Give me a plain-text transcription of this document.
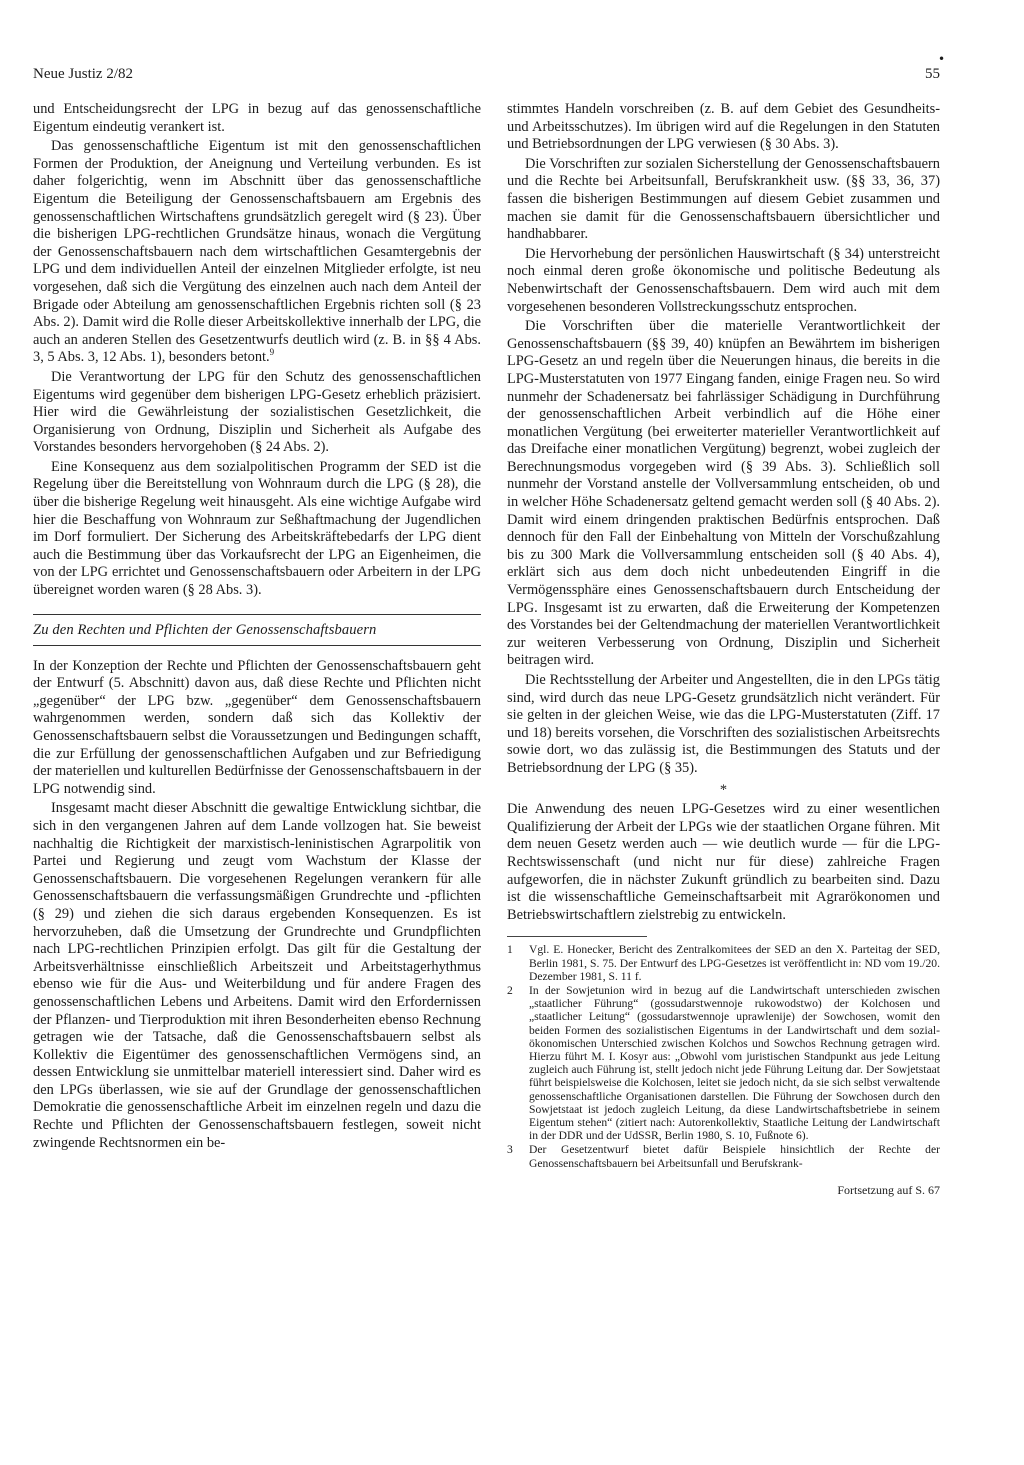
•
Neue Justiz 2/82	55

und Entscheidungsrecht der LPG in bezug auf das genossenschaftliche Eigentum eindeutig verankert ist.

Das genossenschaftliche Eigentum ist mit den genossenschaftlichen Formen der Produktion, der Aneignung und Verteilung verbunden. Es ist daher folgerichtig, wenn im Abschnitt über das genossenschaftliche Eigentum die Beteiligung der Genossenschaftsbauern am Ergebnis des genossenschaftlichen Wirtschaftens grundsätzlich geregelt wird (§ 23). Über die bisherigen LPG-rechtlichen Grundsätze hinaus, wonach die Vergütung der Genossenschaftsbauern nach dem wirtschaftlichen Gesamtergebnis der LPG und dem individuellen Anteil der einzelnen Mitglieder erfolgte, ist neu vorgesehen, daß sich die Vergütung des einzelnen auch nach dem Anteil der Brigade oder Abteilung am genossenschaftlichen Ergebnis richten soll (§ 23 Abs. 2). Damit wird die Rolle dieser Arbeitskollektive innerhalb der LPG, die auch an anderen Stellen des Gesetzentwurfs deutlich wird (z. B. in §§ 4 Abs. 3, 5 Abs. 3, 12 Abs. 1), besonders betont.$^9$

Die Verantwortung der LPG für den Schutz des genossenschaftlichen Eigentums wird gegenüber dem bisherigen LPG-Gesetz erheblich präzisiert. Hier wird die Gewährleistung der sozialistischen Gesetzlichkeit, die Organisierung von Ordnung, Disziplin und Sicherheit als Aufgabe des Vorstandes besonders hervorgehoben (§ 24 Abs. 2).

Eine Konsequenz aus dem sozialpolitischen Programm der SED ist die Regelung über die Bereitstellung von Wohnraum durch die LPG (§ 28), die über die bisherige Regelung weit hinausgeht. Als eine wichtige Aufgabe wird hier die Beschaffung von Wohnraum zur Seßhaftmachung der Jugendlichen im Dorf formuliert. Der Sicherung des Arbeitskräftebedarfs der LPG dient auch die Bestimmung über das Vorkaufsrecht der LPG an Eigenheimen, die von der LPG errichtet und Genossenschaftsbauern oder Arbeitern in der LPG übereignet worden waren (§ 28 Abs. 3).

Zu den Rechten und Pflichten der Genossenschaftsbauern

In der Konzeption der Rechte und Pflichten der Genossenschaftsbauern geht der Entwurf (5. Abschnitt) davon aus, daß diese Rechte und Pflichten nicht „gegenüber“ der LPG bzw. „gegenüber“ dem Genossenschaftsbauern wahrgenommen werden, sondern daß sich das Kollektiv der Genossenschaftsbauern selbst die Voraussetzungen und Bedingungen schafft, die zur Erfüllung der genossenschaftlichen Aufgaben und zur Befriedigung der materiellen und kulturellen Bedürfnisse der Genossenschaftsbauern in der LPG notwendig sind.

Insgesamt macht dieser Abschnitt die gewaltige Entwicklung sichtbar, die sich in den vergangenen Jahren auf dem Lande vollzogen hat. Sie beweist nachhaltig die Richtigkeit der marxistisch-leninistischen Agrarpolitik von Partei und Regierung und zeugt vom Wachstum der Klasse der Genossenschaftsbauern. Die vorgesehenen Regelungen verankern für alle Genossenschaftsbauern die verfassungsmäßigen Grundrechte und -pflichten (§ 29) und ziehen die sich daraus ergebenden Konsequenzen. Es ist hervorzuheben, daß die Umsetzung der Grundrechte und Grundpflichten nach LPG-rechtlichen Prinzipien erfolgt. Das gilt für die Gestaltung der Arbeitsverhältnisse einschließlich Arbeitszeit und Arbeitstagerhythmus ebenso wie für die Aus- und Weiterbildung und für andere Fragen des genossenschaftlichen Lebens und Arbeitens. Damit wird den Erfordernissen der Pflanzen- und Tierproduktion mit ihren Besonderheiten ebenso Rechnung getragen wie der Tatsache, daß die Genossenschaftsbauern selbst als Kollektiv die Eigentümer des genossenschaftlichen Vermögens sind, an dessen Entwicklung sie unmittelbar materiell interessiert sind. Daher wird es den LPGs überlassen, wie sie auf der Grundlage der genossenschaftlichen Demokratie die genossenschaftliche Arbeit im einzelnen regeln und dazu die Rechte und Pflichten der Genossenschaftsbauern festlegen, soweit nicht zwingende Rechtsnormen ein be-

stimmtes Handeln vorschreiben (z. B. auf dem Gebiet des Gesundheits- und Arbeitsschutzes). Im übrigen wird auf die Regelungen in den Statuten und Betriebsordnungen der LPG verwiesen (§ 30 Abs. 3).

Die Vorschriften zur sozialen Sicherstellung der Genossenschaftsbauern und die Rechte bei Arbeitsunfall, Berufskrankheit usw. (§§ 33, 36, 37) fassen die bisherigen Bestimmungen auf diesem Gebiet zusammen und machen sie damit für die Genossenschaftsbauern übersichtlicher und handhabbarer.

Die Hervorhebung der persönlichen Hauswirtschaft (§ 34) unterstreicht noch einmal deren große ökonomische und politische Bedeutung als Nebenwirtschaft der Genossenschaftsbauern. Dem wird auch mit dem vorgesehenen besonderen Vollstreckungsschutz entsprochen.

Die Vorschriften über die materielle Verantwortlichkeit der Genossenschaftsbauern (§§ 39, 40) knüpfen an Bewährtem im bisherigen LPG-Gesetz an und regeln über die Neuerungen hinaus, die bereits in die LPG-Musterstatuten von 1977 Eingang fanden, einige Fragen neu. So wird nunmehr der Schadenersatz bei fahrlässiger Schädigung in Durchführung der genossenschaftlichen Arbeit verbindlich auf die Höhe einer monatlichen Vergütung (bei erweiterter materieller Verantwortlichkeit auf das Dreifache einer monatlichen Vergütung) begrenzt, wobei zugleich der Berechnungsmodus vorgegeben wird (§ 39 Abs. 3). Schließlich soll nunmehr der Vorstand anstelle der Vollversammlung entscheiden, ob und in welcher Höhe Schadenersatz geltend gemacht werden soll (§ 40 Abs. 2). Damit wird einem dringenden praktischen Bedürfnis entsprochen. Daß dennoch für den Fall der Einbehaltung von Mitteln der Vorschußzahlung bis zu 300 Mark die Vollversammlung entscheiden soll (§ 40 Abs. 4), erklärt sich aus dem doch nicht unbedeutenden Eingriff in die Vermögenssphäre eines Genossenschaftsbauern durch Entscheidung der LPG. Insgesamt ist zu erwarten, daß die Erweiterung der Kompetenzen des Vorstandes bei der Geltendmachung der materiellen Verantwortlichkeit zur weiteren Verbesserung von Ordnung, Disziplin und Sicherheit beitragen wird.

Die Rechtsstellung der Arbeiter und Angestellten, die in den LPGs tätig sind, wird durch das neue LPG-Gesetz grundsätzlich nicht verändert. Für sie gelten in der gleichen Weise, wie das die LPG-Musterstatuten (Ziff. 17 und 18) bereits vorsehen, die Vorschriften des sozialistischen Arbeitsrechts sowie dort, wo das zulässig ist, die Bestimmungen des Statuts und der Betriebsordnung der LPG (§ 35).

*

Die Anwendung des neuen LPG-Gesetzes wird zu einer wesentlichen Qualifizierung der Arbeit der LPGs wie der staatlichen Organe führen. Mit dem neuen Gesetz werden auch — wie deutlich wurde — für die LPG-Rechtswissenschaft (und nicht nur für diese) zahlreiche Fragen aufgeworfen, die in nächster Zukunft gründlich zu bearbeiten sind. Dazu ist die wissenschaftliche Gemeinschaftsarbeit mit Agrarökonomen und Betriebswirtschaftlern zielstrebig zu entwickeln.

1	Vgl. E. Honecker, Bericht des Zentralkomitees der SED an den X. Parteitag der SED, Berlin 1981, S. 75. Der Entwurf des LPG-Gesetzes ist veröffentlicht in: ND vom 19./20. Dezember 1981, S. 11 f.
2	In der Sowjetunion wird in bezug auf die Landwirtschaft unterschieden zwischen „staatlicher Führung“ (gossudarstwennoje rukowodstwo) der Kolchosen und „staatlicher Leitung“ (gossudarstwennoje uprawlenije) der Sowchosen, womit den beiden Formen des sozialistischen Eigentums in der Landwirtschaft und dem sozial-ökonomischen Unterschied zwischen Kolchos und Sowchos Rechnung getragen wird. Hierzu führt M. I. Kosyr aus: „Obwohl vom juristischen Standpunkt aus jede Leitung zugleich auch Führung ist, stellt jedoch nicht jede Führung Leitung dar. Der Sowjetstaat führt beispielsweise die Kolchosen, leitet sie jedoch nicht, da sie sich selbst verwaltende genossenschaftliche Organisationen darstellen. Die Führung der Sowchosen durch den Sowjetstaat ist jedoch zugleich Leitung, da diese Landwirtschaftsbetriebe in seinem Eigentum stehen“ (zitiert nach: Autorenkollektiv, Staatliche Leitung der Landwirtschaft in der DDR und der UdSSR, Berlin 1980, S. 10, Fußnote 6).
3	Der Gesetzentwurf bietet dafür Beispiele hinsichtlich der Rechte der Genossenschaftsbauern bei Arbeitsunfall und Berufskrank-
Fortsetzung auf S. 67
